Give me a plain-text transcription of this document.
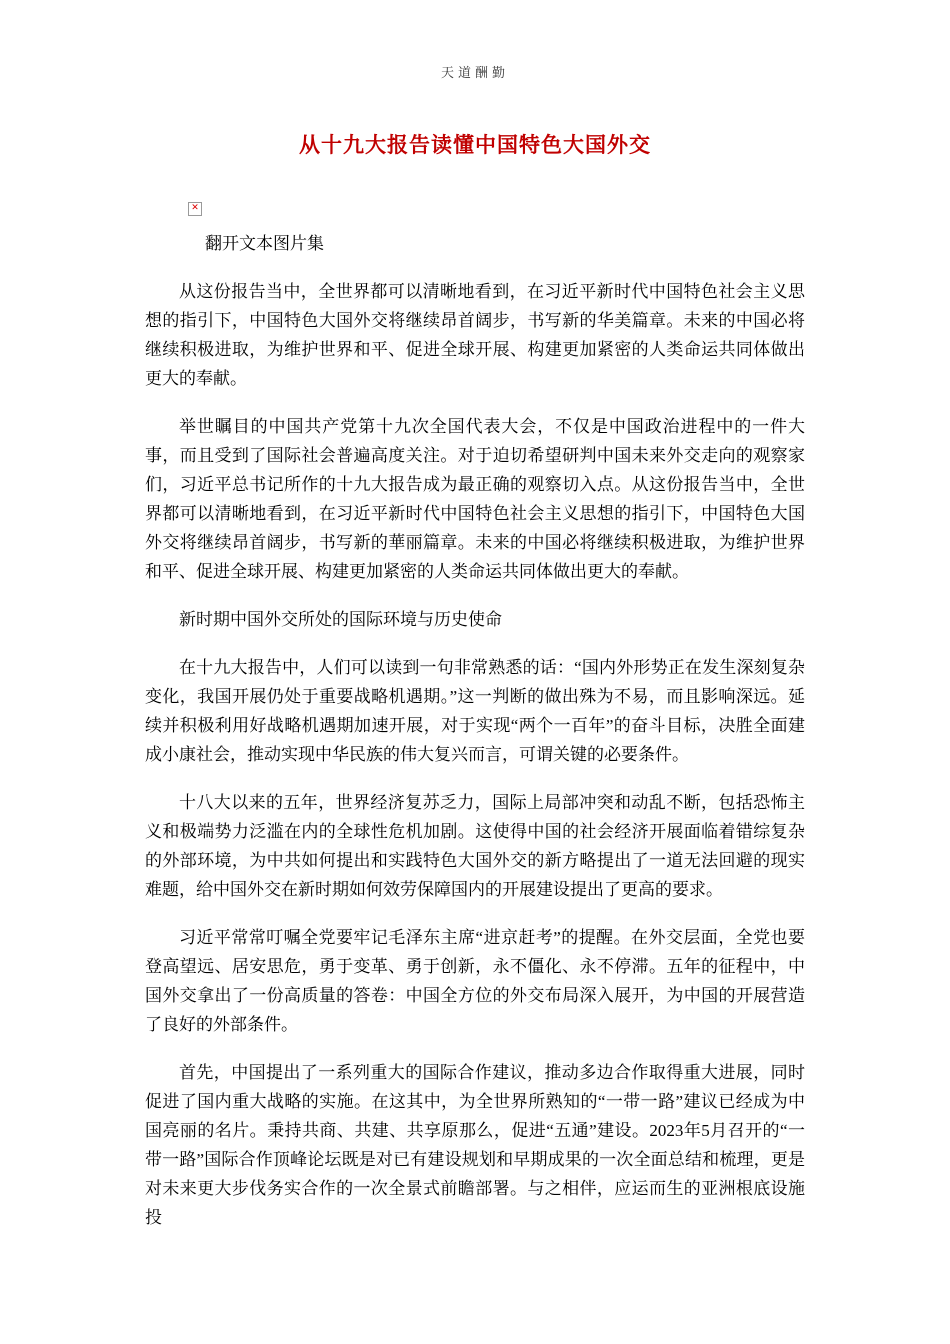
天道酬勤
从十九大报告读懂中国特色大国外交
✕
翻开文本图片集

从这份报告当中，全世界都可以清晰地看到，在习近平新时代中国特色社会主义思想的指引下，中国特色大国外交将继续昂首阔步，书写新的华美篇章。未来的中国必将继续积极进取，为维护世界和平、促进全球开展、构建更加紧密的人类命运共同体做出更大的奉献。

举世瞩目的中国共产党第十九次全国代表大会，不仅是中国政治进程中的一件大事，而且受到了国际社会普遍高度关注。对于迫切希望研判中国未来外交走向的观察家们，习近平总书记所作的十九大报告成为最正确的观察切入点。从这份报告当中，全世界都可以清晰地看到，在习近平新时代中国特色社会主义思想的指引下，中国特色大国外交将继续昂首阔步，书写新的華丽篇章。未来的中国必将继续积极进取，为维护世界和平、促进全球开展、构建更加紧密的人类命运共同体做出更大的奉献。

新时期中国外交所处的国际环境与历史使命

在十九大报告中，人们可以读到一句非常熟悉的话：“国内外形势正在发生深刻复杂变化，我国开展仍处于重要战略机遇期。”这一判断的做出殊为不易，而且影响深远。延续并积极利用好战略机遇期加速开展，对于实现“两个一百年”的奋斗目标，决胜全面建成小康社会，推动实现中华民族的伟大复兴而言，可谓关键的必要条件。

十八大以来的五年，世界经济复苏乏力，国际上局部冲突和动乱不断，包括恐怖主义和极端势力泛滥在内的全球性危机加剧。这使得中国的社会经济开展面临着错综复杂的外部环境，为中共如何提出和实践特色大国外交的新方略提出了一道无法回避的现实难题，给中国外交在新时期如何效劳保障国内的开展建设提出了更高的要求。

习近平常常叮嘱全党要牢记毛泽东主席“进京赶考”的提醒。在外交层面，全党也要登高望远、居安思危，勇于变革、勇于创新，永不僵化、永不停滞。五年的征程中，中国外交拿出了一份高质量的答卷：中国全方位的外交布局深入展开，为中国的开展营造了良好的外部条件。

首先，中国提出了一系列重大的国际合作建议，推动多边合作取得重大进展，同时促进了国内重大战略的实施。在这其中，为全世界所熟知的“一带一路”建议已经成为中国亮丽的名片。秉持共商、共建、共享原那么，促进“五通”建设。2023年5月召开的“一带一路”国际合作顶峰论坛既是对已有建设规划和早期成果的一次全面总结和梳理，更是对未来更大步伐务实合作的一次全景式前瞻部署。与之相伴，应运而生的亚洲根底设施投
